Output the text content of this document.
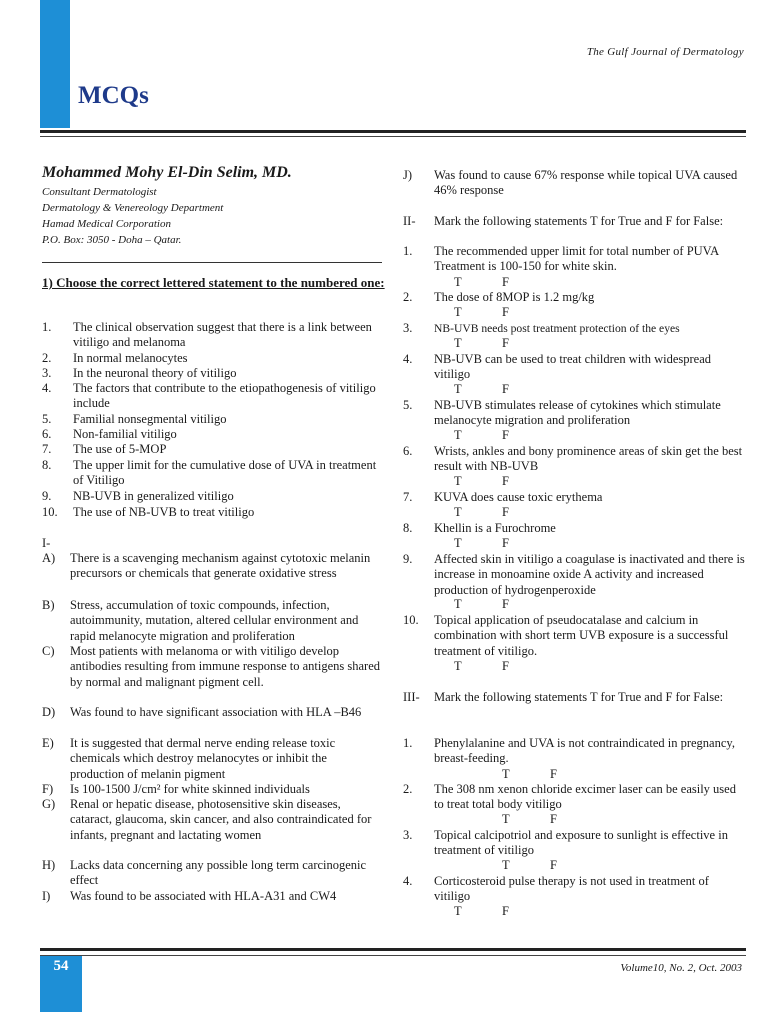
The Gulf Journal of Dermatology
MCQs
Mohammed Mohy El-Din Selim, MD.
Consultant Dermatologist
Dermatology & Venereology Department
Hamad Medical Corporation
P.O. Box: 3050 - Doha – Qatar.
1) Choose the correct lettered statement to the numbered one:
1. The clinical observation suggest that there is a link between vitiligo and melanoma
2. In normal melanocytes
3. In the neuronal theory of vitiligo
4. The factors that contribute to the etiopathogenesis of vitiligo include
5. Familial nonsegmental vitiligo
6. Non-familial vitiligo
7. The use of 5-MOP
8. The upper limit for the cumulative dose of UVA in treatment of Vitiligo
9. NB-UVB in generalized vitiligo
10. The use of NB-UVB to treat vitiligo
I-
A) There is a scavenging mechanism against cytotoxic melanin precursors or chemicals that generate oxidative stress
B) Stress, accumulation of toxic compounds, infection, autoimmunity, mutation, altered cellular environment and rapid melanocyte migration and proliferation
C) Most patients with melanoma or with vitiligo develop antibodies resulting from immune response to antigens shared by normal and malignant pigment cell.
D) Was found to have significant association with HLA –B46
E) It is suggested that dermal nerve ending release toxic chemicals which destroy melanocytes or inhibit the production of melanin pigment
F) Is 100-1500 J/cm² for white skinned individuals
G) Renal or hepatic disease, photosensitive skin diseases, cataract, glaucoma, skin cancer, and also contraindicated for infants, pregnant and lactating women
H) Lacks data concerning any possible long term carcinogenic effect
I) Was found to be associated with HLA-A31 and CW4
J) Was found to cause 67% response while topical UVA caused 46% response
II- Mark the following statements T for True and F for False:
1. The recommended upper limit for total number of PUVA Treatment is 100-150 for white skin.
T	F
2. The dose of 8MOP is 1.2 mg/kg
T	F
3. NB-UVB needs post treatment protection of the eyes
T	F
4. NB-UVB can be used to treat children with widespread vitiligo
T	F
5. NB-UVB stimulates release of cytokines which stimulate melanocyte migration and proliferation
T	F
6. Wrists, ankles and bony prominence areas of skin get the best result with NB-UVB
T	F
7. KUVA does cause toxic erythema
T	F
8. Khellin is a Furochrome
T	F
9. Affected skin in vitiligo a coagulase is inactivated and there is increase in monoamine oxide A activity and increased production of hydrogenperoxide
T	F
10. Topical application of pseudocatalase and calcium in combination with short term UVB exposure is a successful treatment of vitiligo.
T	F
III- Mark the following statements T for True and F for False:
1. Phenylalanine and UVA is not contraindicated in pregnancy, breast-feeding.
T	F
2. The 308 nm xenon chloride excimer laser can be easily used to treat total body vitiligo
T	F
3. Topical calcipotriol and exposure to sunlight is effective in treatment of vitiligo
T	F
4. Corticosteroid pulse therapy is not used in treatment of vitiligo
T	F
54	Volume10, No. 2, Oct. 2003
